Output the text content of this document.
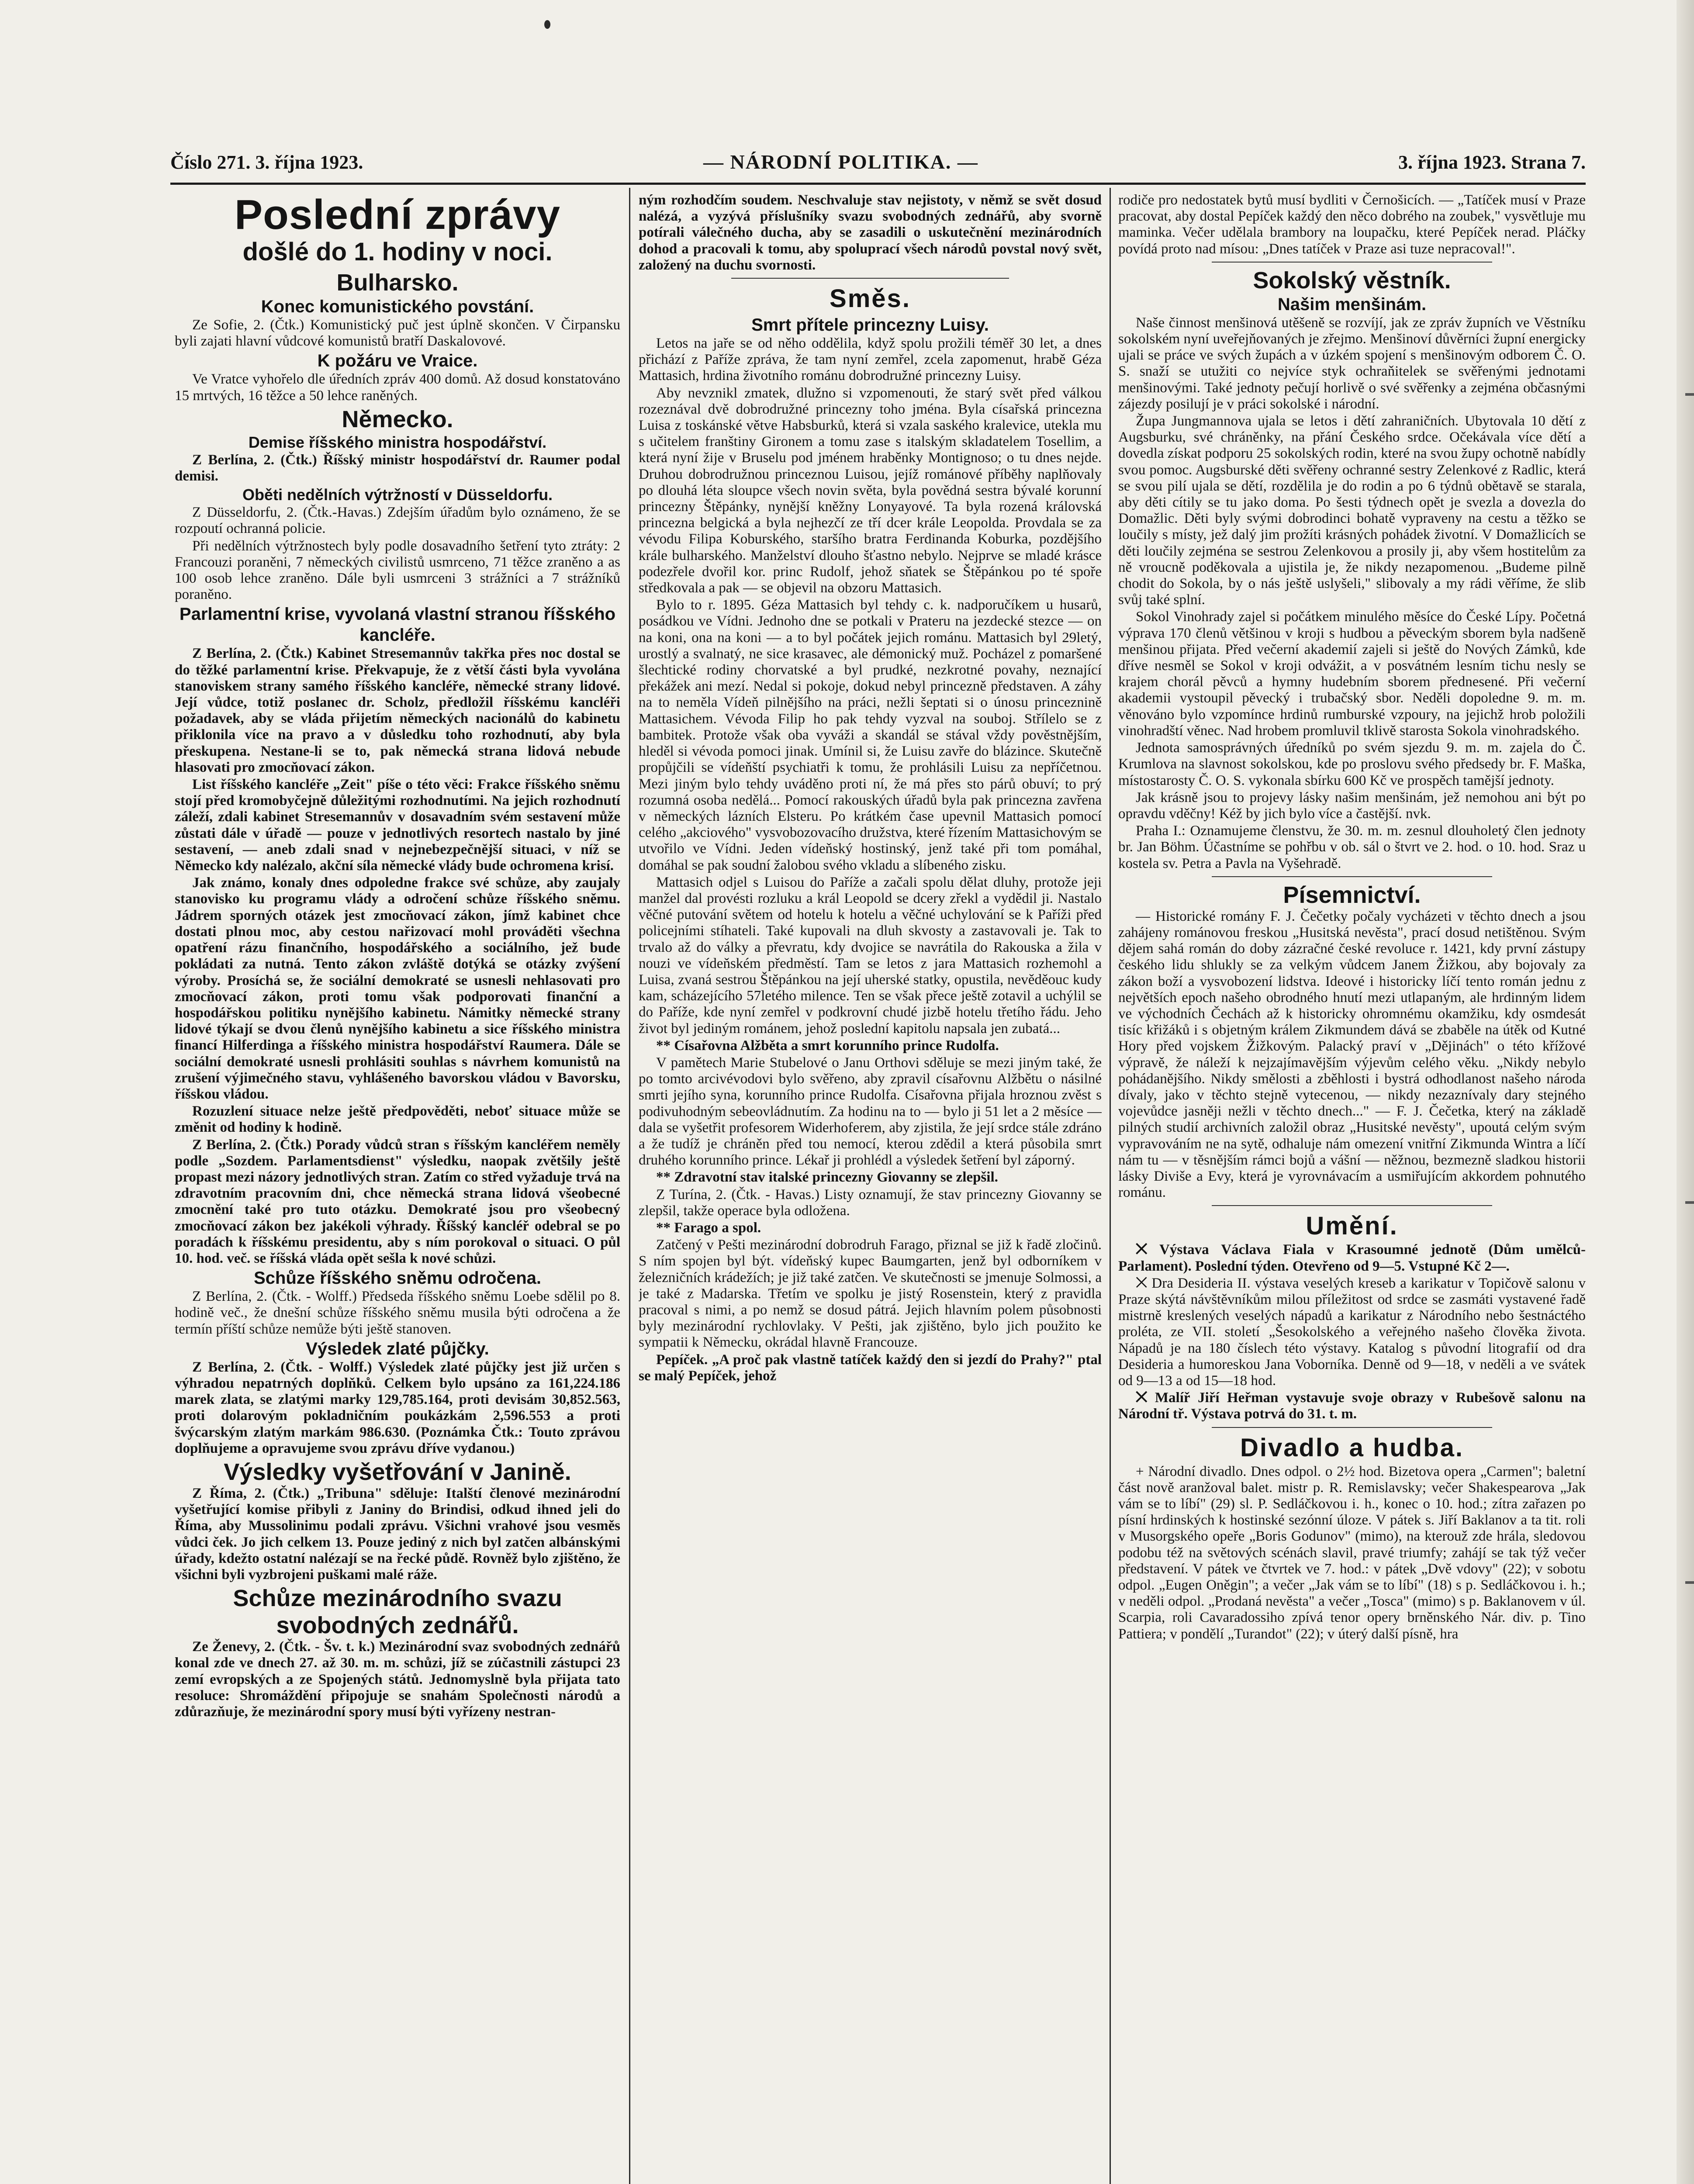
Číslo 271. 3. října 1923.	— NÁRODNÍ POLITIKA. —	3. října 1923. Strana 7.
Poslední zprávy
došlé do 1. hodiny v noci.
Bulharsko.
Konec komunistického povstání.

Ze Sofie, 2. (Čtk.) Komunistický puč jest úplně skončen. V Čirpansku byli zajati hlavní vůdcové komunistů bratří Daskalovové.

K požáru ve Vraice.

Ve Vratce vyhořelo dle úředních zpráv 400 domů. Až dosud konstatováno 15 mrtvých, 16 těžce a 50 lehce raněných.

Německo.
Demise říšského ministra hospodářství.

Z Berlína, 2. (Čtk.) Říšský ministr hospodářství dr. Raumer podal demisi.

Oběti nedělních výtržností v Düsseldorfu.

Z Düsseldorfu, 2. (Čtk.-Havas.) Zdejším úřadům bylo oznámeno, že se rozpoutí ochranná policie.

Při nedělních výtržnostech byly podle dosavadního šetření tyto ztráty: 2 Francouzi poraněni, 7 německých civilistů usmrceno, 71 těžce zraněno a as 100 osob lehce zraněno. Dále byli usmrceni 3 strážníci a 7 strážníků poraněno.

Parlamentní krise, vyvolaná vlastní stranou říšského kancléře.

Z Berlína, 2. (Čtk.) Kabinet Stresemannův takřka přes noc dostal se do těžké parlamentní krise. Překvapuje, že z větší části byla vyvolána stanoviskem strany samého říšského kancléře, německé strany lidové. Její vůdce, totiž poslanec dr. Scholz, předložil říšskému kancléři požadavek, aby se vláda přijetím německých nacionálů do kabinetu přiklonila více na pravo a v důsledku toho rozhodnutí, aby byla přeskupena. Nestane-li se to, pak německá strana lidová nebude hlasovati pro zmocňovací zákon.

List říšského kancléře „Zeit" píše o této věci: Frakce říšského sněmu stojí před kromobyčejně důležitými rozhodnutími. Na jejich rozhodnutí záleží, zdali kabinet Stresemannův v dosavadním svém sestavení může zůstati dále v úřadě — pouze v jednotlivých resortech nastalo by jiné sestavení, — aneb zdali snad v nejnebezpečnější situaci, v níž se Německo kdy nalézalo, akční síla německé vlády bude ochromena krisí.

Jak známo, konaly dnes odpoledne frakce své schůze, aby zaujaly stanovisko ku programu vlády a odročení schůze říšského sněmu. Jádrem sporných otázek jest zmocňovací zákon, jímž kabinet chce dostati plnou moc, aby cestou nařizovací mohl prováděti všechna opatření rázu finančního, hospodářského a sociálního, jež bude pokládati za nutná. Tento zákon zvláště dotýká se otázky zvýšení výroby. Prosíchá se, že sociální demokraté se usnesli nehlasovati pro zmocňovací zákon, proti tomu však podporovati finanční a hospodářskou politiku nynějšího kabinetu. Námitky německé strany lidové týkají se dvou členů nynějšího kabinetu a sice říšského ministra financí Hilferdinga a říšského ministra hospodářství Raumera. Dále se sociální demokraté usnesli prohlásiti souhlas s návrhem komunistů na zrušení výjimečného stavu, vyhlášeného bavorskou vládou v Bavorsku, říšskou vládou.

Rozuzlení situace nelze ještě předpověděti, neboť situace může se změnit od hodiny k hodině.

Z Berlína, 2. (Čtk.) Porady vůdců stran s říšským kancléřem neměly podle „Sozdem. Parlamentsdienst" výsledku, naopak zvětšily ještě propast mezi názory jednotlivých stran. Zatím co střed vyžaduje trvá na zdravotním pracovním dni, chce německá strana lidová všeobecné zmocnění také pro tuto otázku. Demokraté jsou pro všeobecný zmocňovací zákon bez jakékoli výhrady. Říšský kancléř odebral se po poradách k říšskému presidentu, aby s ním porokoval o situaci. O půl 10. hod. več. se říšská vláda opět sešla k nové schůzi.

Schůze říšského sněmu odročena.

Z Berlína, 2. (Čtk. - Wolff.) Předseda říšského sněmu Loebe sdělil po 8. hodině več., že dnešní schůze říšského sněmu musila býti odročena a že termín příští schůze nemůže býti ještě stanoven.

Výsledek zlaté půjčky.

Z Berlína, 2. (Čtk. - Wolff.) Výsledek zlaté půjčky jest již určen s výhradou nepatrných doplňků. Celkem bylo upsáno za 161,224.186 marek zlata, se zlatými marky 129,785.164, proti devisám 30,852.563, proti dolarovým pokladničním poukázkám 2,596.553 a proti švýcarským zlatým markám 986.630. (Poznámka Čtk.: Touto zprávou doplňujeme a opravujeme svou zprávu dříve vydanou.)

Výsledky vyšetřování v Janině.

Z Říma, 2. (Čtk.) „Tribuna" sděluje: Italští členové mezinárodní vyšetřující komise přibyli z Janiny do Brindisi, odkud ihned jeli do Říma, aby Mussolinimu podali zprávu. Všichni vrahové jsou vesměs vůdci ček. Jo jich celkem 13. Pouze jediný z nich byl zatčen albánskými úřady, kdežto ostatní nalézají se na řecké půdě. Rovněž bylo zjištěno, že všichni byli vyzbrojeni puškami malé ráže.

Schůze mezinárodního svazu svobodných zednářů.

Ze Ženevy, 2. (Čtk. - Šv. t. k.) Mezinárodní svaz svobodných zednářů konal zde ve dnech 27. až 30. m. m. schůzi, jíž se zúčastnili zástupci 23 zemí evropských a ze Spojených států. Jednomyslně byla přijata tato resoluce: Shromáždění připojuje se snahám Společnosti národů a zdůrazňuje, že mezinárodní spory musí býti vyřízeny nestran-

ným rozhodčím soudem. Neschvaluje stav nejistoty, v němž se svět dosud nalézá, a vyzývá příslušníky svazu svobodných zednářů, aby svorně potírali válečného ducha, aby se zasadili o uskutečnění mezinárodních dohod a pracovali k tomu, aby spoluprací všech národů povstal nový svět, založený na duchu svornosti.

Směs.
Smrt přítele princezny Luisy.

Letos na jaře se od něho oddělila, když spolu prožili téměř 30 let, a dnes přichází z Paříže zpráva, že tam nyní zemřel, zcela zapomenut, hrabě Géza Mattasich, hrdina životního románu dobrodružné princezny Luisy.

Aby nevznikl zmatek, dlužno si vzpomenouti, že starý svět před válkou rozeznával dvě dobrodružné princezny toho jména. Byla císařská princezna Luisa z toskánské větve Habsburků, která si vzala saského kralevice, utekla mu s učitelem franštiny Gironem a tomu zase s italským skladatelem Tosellim, a která nyní žije v Bruselu pod jménem hraběnky Montignoso; o tu dnes nejde. Druhou dobrodružnou princeznou Luisou, jejíž románové příběhy naplňovaly po dlouhá léta sloupce všech novin světa, byla povědná sestra bývalé korunní princezny Štěpánky, nynější kněžny Lonyayové. Ta byla rozená královská princezna belgická a byla nejhezčí ze tří dcer krále Leopolda. Provdala se za vévodu Filipa Koburského, staršího bratra Ferdinanda Koburka, pozdějšího krále bulharského. Manželství dlouho šťastno nebylo. Nejprve se mladé krásce podezřele dvořil kor. princ Rudolf, jehož sňatek se Štěpánkou po té spoře středkovala a pak — se objevil na obzoru Mattasich.

Bylo to r. 1895. Géza Mattasich byl tehdy c. k. nadporučíkem u husarů, posádkou ve Vídni. Jednoho dne se potkali v Prateru na jezdecké stezce — on na koni, ona na koni — a to byl počátek jejich románu. Mattasich byl 29letý, urostlý a svalnatý, ne sice krasavec, ale démonický muž. Pocházel z pomaršené šlechtické rodiny chorvatské a byl prudké, nezkrotné povahy, neznající překážek ani mezí. Nedal si pokoje, dokud nebyl princezně představen. A záhy na to neměla Vídeň pilnějšího na práci, nežli šeptati si o únosu princeznině Mattasichem. Vévoda Filip ho pak tehdy vyzval na souboj. Střílelo se z bambitek. Protože však oba vyváži a skandál se stával vždy pověstnějším, hleděl si vévoda pomoci jinak. Umínil si, že Luisu zavře do blázince. Skutečně propůjčili se vídeňští psychiatři k tomu, že prohlásili Luisu za nepříčetnou. Mezi jiným bylo tehdy uváděno proti ní, že má přes sto párů obuví; to prý rozumná osoba nedělá... Pomocí rakouských úřadů byla pak princezna zavřena v německých lázních Elsteru. Po krátkém čase upevnil Mattasich pomocí celého „akciového" vysvobozovacího družstva, které řízením Mattasichovým se utvořilo ve Vídni. Jeden vídeňský hostinský, jenž také při tom pomáhal, domáhal se pak soudní žalobou svého vkladu a slíbeného zisku.

Mattasich odjel s Luisou do Paříže a začali spolu dělat dluhy, protože jeji manžel dal provésti rozluku a král Leopold se dcery zřekl a vydědil ji. Nastalo věčné putování světem od hotelu k hotelu a věčné uchylování se k Paříži před policejními stíhateli. Také kupovali na dluh skvosty a zastavovali je. Tak to trvalo až do války a převratu, kdy dvojice se navrátila do Rakouska a žila v nouzi ve vídeňském předměstí. Tam se letos z jara Mattasich rozhemohl a Luisa, zvaná sestrou Štěpánkou na její uherské statky, opustila, nevěděouc kudy kam, scházejícího 57letého milence. Ten se však přece ještě zotavil a uchýlil se do Paříže, kde nyní zemřel v podkrovní chudé jizbě hotelu třetího řádu. Jeho život byl jediným románem, jehož poslední kapitolu napsala jen zubatá...

** Císařovna Alžběta a smrt korunního prince Rudolfa.

V pamětech Marie Stubelové o Janu Orthovi sděluje se mezi jiným také, že po tomto arcivévodovi bylo svěřeno, aby zpravil císařovnu Alžbětu o násilné smrti jejího syna, korunního prince Rudolfa. Císařovna přijala hroznou zvěst s podivuhodným sebeovládnutím. Za hodinu na to — bylo ji 51 let a 2 měsíce — dala se vyšetřit profesorem Widerhoferem, aby zjistila, že její srdce stále zdráno a že tudíž je chráněn před tou nemocí, kterou zdědil a která působila smrt druhého korunního prince. Lékař ji prohlédl a výsledek šetření byl záporný.

** Zdravotní stav italské princezny Giovanny se zlepšil.

Z Turína, 2. (Čtk. - Havas.) Listy oznamují, že stav princezny Giovanny se zlepšil, takže operace byla odložena.

** Farago a spol.

Zatčený v Pešti mezinárodní dobrodruh Farago, přiznal se již k řadě zločinů. S ním spojen byl být. vídeňský kupec Baumgarten, jenž byl odborníkem v železničních krádežích; je již také zatčen. Ve skutečnosti se jmenuje Solmossi, a je také z Madarska. Třetím ve spolku je jistý Rosenstein, který z pravidla pracoval s nimi, a po nemž se dosud pátrá. Jejich hlavním polem působnosti byly mezinárodní rychlovlaky. V Pešti, jak zjištěno, bylo jich použito ke sympatii k Německu, okrádal hlavně Francouze.

Pepíček. „A proč pak vlastně tatíček každý den si jezdí do Prahy?" ptal se malý Pepíček, jehož

rodiče pro nedostatek bytů musí bydliti v Černošicích. — „Tatíček musí v Praze pracovat, aby dostal Pepíček každý den něco dobrého na zoubek," vysvětluje mu maminka. Večer udělala brambory na loupačku, které Pepíček nerad. Pláčky povídá proto nad mísou: „Dnes tatíček v Praze asi tuze nepracoval!".

Sokolský věstník.
Našim menšinám.

Naše činnost menšinová utěšeně se rozvíjí, jak ze zpráv župních ve Věstníku sokolském nyní uveřejňovaných je zřejmo. Menšinoví důvěrníci župní energicky ujali se práce ve svých župách a v úzkém spojení s menšinovým odborem Č. O. S. snaží se utužiti co nejvíce styk ochraňitelek se svěřenými jednotami menšinovými. Také jednoty pečují horlivě o své svěřenky a zejména občasnými zájezdy posilují je v práci sokolské i národní.

Župa Jungmannova ujala se letos i dětí zahraničních. Ubytovala 10 dětí z Augsburku, své chráněnky, na přání Českého srdce. Očekávala více dětí a dovedla získat podporu 25 sokolských rodin, které na svou župy ochotně nabídly svou pomoc. Augsburské děti svěřeny ochranné sestry Zelenkové z Radlic, která se svou pilí ujala se dětí, rozdělila je do rodin a po 6 týdnů obětavě se starala, aby děti cítily se tu jako doma. Po šesti týdnech opět je svezla a dovezla do Domažlic. Děti byly svými dobrodinci bohatě vypraveny na cestu a těžko se loučily s místy, jež dalý jim prožíti krásných pohádek životní. V Domažlicích se děti loučily zejména se sestrou Zelenkovou a prosily ji, aby všem hostitelům za ně vroucně poděkovala a ujistila je, že nikdy nezapomenou. „Budeme pilně chodit do Sokola, by o nás ještě uslyšeli," slibovaly a my rádi věříme, že slib svůj také splní.

Sokol Vinohrady zajel si počátkem minulého měsíce do České Lípy. Početná výprava 170 členů většinou v kroji s hudbou a pěveckým sborem byla nadšeně menšinou přijata. Před večerní akademií zajeli si ještě do Nových Zámků, kde dříve nesměl se Sokol v kroji odvážit, a v posvátném lesním tichu nesly se krajem chorál pěvců a hymny hudebním sborem přednesené. Při večerní akademii vystoupil pěvecký i trubačský sbor. Neděli dopoledne 9. m. m. věnováno bylo vzpomínce hrdinů rumburské vzpoury, na jejichž hrob položili vinohradští věnec. Nad hrobem promluvil tklivě starosta Sokola vinohradského.

Jednota samosprávných úředníků po svém sjezdu 9. m. m. zajela do Č. Krumlova na slavnost sokolskou, kde po proslovu svého předsedy br. F. Maška, místostarosty Č. O. S. vykonala sbírku 600 Kč ve prospěch tamější jednoty.

Jak krásně jsou to projevy lásky našim menšinám, jež nemohou ani být po opravdu vděčny! Kéž by jich bylo více a častější. nvk.

Praha I.: Oznamujeme členstvu, že 30. m. m. zesnul dlouholetý člen jednoty br. Jan Böhm. Účastníme se pohřbu v ob. sál o štvrt ve 2. hod. o 10. hod. Sraz u kostela sv. Petra a Pavla na Vyšehradě.

Písemnictví.

— Historické romány F. J. Čečetky počaly vycházeti v těchto dnech a jsou zahájeny románovou freskou „Husitská nevěsta", prací dosud netištěnou. Svým dějem sahá román do doby zázračné české revoluce r. 1421, kdy první zástupy českého lidu shlukly se za velkým vůdcem Janem Žižkou, aby bojovaly za zákon boží a vysvobození lidstva. Ideové i historicky líčí tento román jednu z největších epoch našeho obrodného hnutí mezi utlapaným, ale hrdinným lidem ve východních Čechách až k historicky ohromnému okamžiku, kdy osmdesát tisíc křižáků i s objetným králem Zikmundem dává se zbaběle na útěk od Kutné Hory před vojskem Žižkovým. Palacký praví v „Dějinách" o této křížové výpravě, že náleží k nejzajímavějším výjevům celého věku. „Nikdy nebylo pohádanějšího. Nikdy smělosti a zběhlosti i bystrá odhodlanost našeho národa dívaly, jako v těchto stejně vytecenou, — nikdy nezaznívaly dary stejného vojevůdce jasněji nežli v těchto dnech..." — F. J. Čečetka, který na základě pilných studií archivních založil obraz „Husitské nevěsty", upoutá celým svým vypravováním ne na sytě, odhaluje nám omezení vnitřní Zikmunda Wintra a líčí nám tu — v těsnějším rámci bojů a vášní — něžnou, bezmezně sladkou historii lásky Diviše a Evy, která je vyrovnávacím a usmiřujícím akkordem pohnutého románu.

Umění.

⨉ Výstava Václava Fiala v Krasoumné jednotě (Dům umělců-Parlament). Poslední týden. Otevřeno od 9—5. Vstupné Kč 2—.

⨉ Dra Desideria II. výstava veselých kreseb a karikatur v Topičově salonu v Praze skýtá návštěvníkům milou příležitost od srdce se zasmáti vystavené řadě mistrně kreslených veselých nápadů a karikatur z Národního nebo šestnáctého proléta, ze VII. století „Šesokolského a veřejného našeho člověka života. Nápadů je na 180 číslech této výstavy. Katalog s původní litografií od dra Desideria a humoreskou Jana Voborníka. Denně od 9—18, v neděli a ve svátek od 9—13 a od 15—18 hod.

⨉ Malíř Jiří Heřman vystavuje svoje obrazy v Rubešově salonu na Národní tř. Výstava potrvá do 31. t. m.

Divadlo a hudba.

+ Národní divadlo. Dnes odpol. o 2½ hod. Bizetova opera „Carmen"; baletní část nově aranžoval balet. mistr p. R. Remislavsky; večer Shakespearova „Jak vám se to líbí" (29) sl. P. Sedláčkovou i. h., konec o 10. hod.; zítra zařazen po písní hrdinských k hostinské sezónní úloze. V pátek s. Jiří Baklanov a ta tit. roli v Musorgského opeře „Boris Godunov" (mimo), na kterouž zde hrála, sledovou podobu též na světových scénách slavil, pravé triumfy; zahájí se tak týž večer představení. V pátek ve čtvrtek ve 7. hod.: v pátek „Dvě vdovy" (22); v sobotu odpol. „Eugen Oněgin"; a večer „Jak vám se to líbí" (18) s p. Sedláčkovou i. h.; v neděli odpol. „Prodaná nevěsta" a večer „Tosca" (mimo) s p. Baklanovem v úl. Scarpia, roli Cavaradossiho zpívá tenor opery brněnského Nár. div. p. Tino Pattiera; v pondělí „Turandot" (22); v úterý další písně, hra
